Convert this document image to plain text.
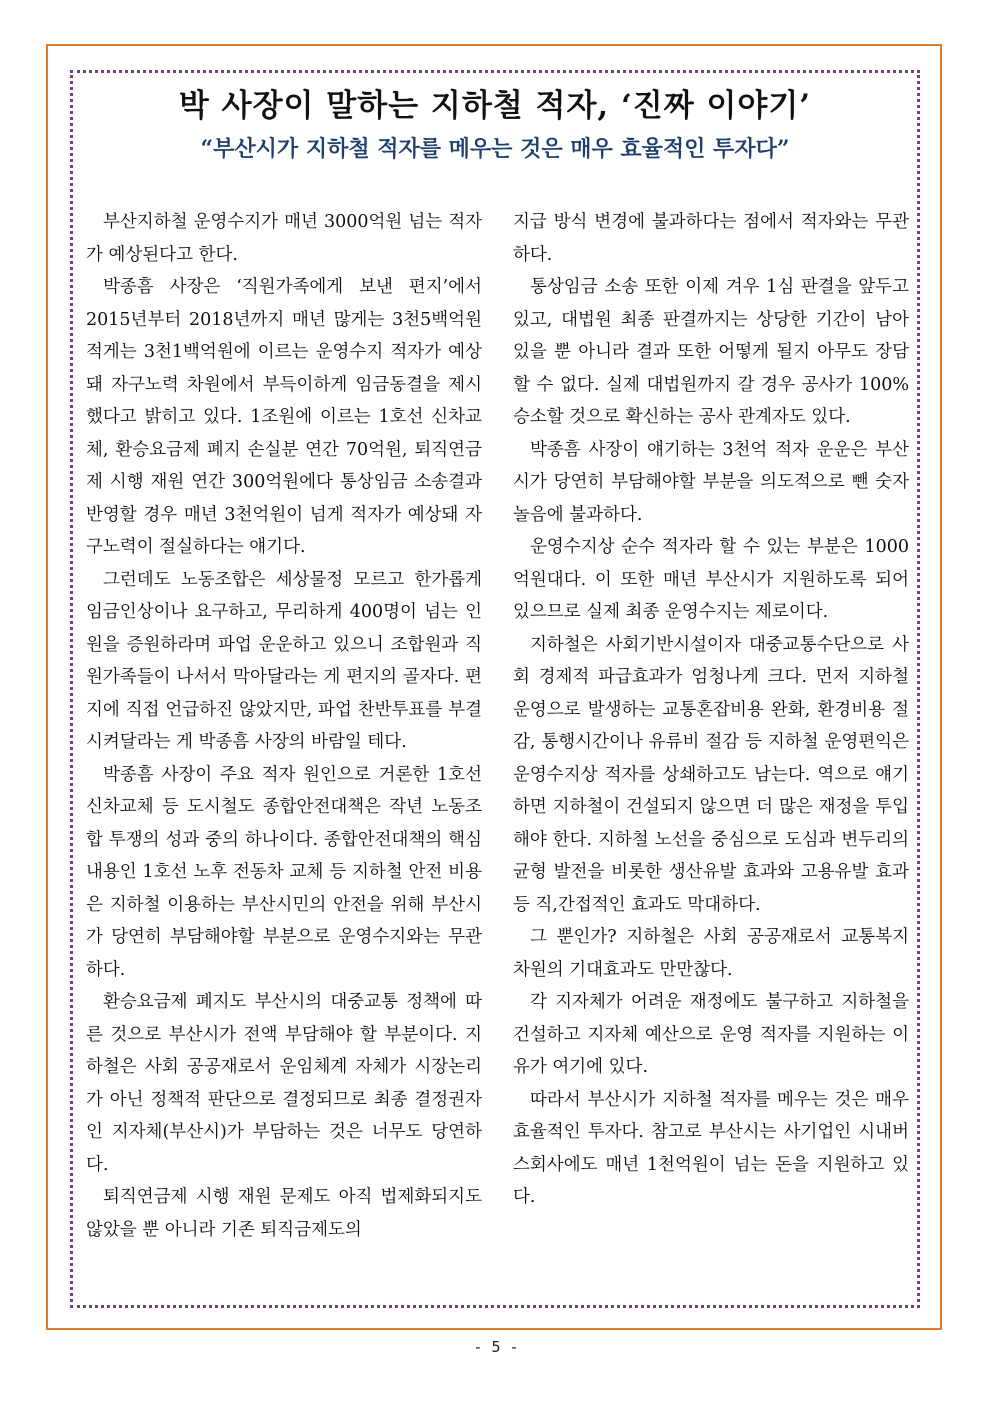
박 사장이 말하는 지하철 적자, ‘진짜 이야기’
“부산시가 지하철 적자를 메우는 것은 매우 효율적인 투자다”

부산지하철 운영수지가 매년 3000억원 넘는 적자가 예상된다고 한다.

박종흠 사장은 ‘직원가족에게 보낸 편지’에서 2015년부터 2018년까지 매년 많게는 3천5백억원 적게는 3천1백억원에 이르는 운영수지 적자가 예상돼 자구노력 차원에서 부득이하게 임금동결을 제시했다고 밝히고 있다. 1조원에 이르는 1호선 신차교체, 환승요금제 폐지 손실분 연간 70억원, 퇴직연금제 시행 재원 연간 300억원에다 통상임금 소송결과 반영할 경우 매년 3천억원이 넘게 적자가 예상돼 자구노력이 절실하다는 얘기다.

그런데도 노동조합은 세상물정 모르고 한가롭게 임금인상이나 요구하고, 무리하게 400명이 넘는 인원을 증원하라며 파업 운운하고 있으니 조합원과 직원가족들이 나서서 막아달라는 게 편지의 골자다. 편지에 직접 언급하진 않았지만, 파업 찬반투표를 부결시켜달라는 게 박종흠 사장의 바람일 테다.

박종흠 사장이 주요 적자 원인으로 거론한 1호선 신차교체 등 도시철도 종합안전대책은 작년 노동조합 투쟁의 성과 중의 하나이다. 종합안전대책의 핵심 내용인 1호선 노후 전동차 교체 등 지하철 안전 비용은 지하철 이용하는 부산시민의 안전을 위해 부산시가 당연히 부담해야할 부분으로 운영수지와는 무관하다.

환승요금제 폐지도 부산시의 대중교통 정책에 따른 것으로 부산시가 전액 부담해야 할 부분이다. 지하철은 사회 공공재로서 운임체계 자체가 시장논리가 아닌 정책적 판단으로 결정되므로 최종 결정권자인 지자체(부산시)가 부담하는 것은 너무도 당연하다.

퇴직연금제 시행 재원 문제도 아직 법제화되지도 않았을 뿐 아니라 기존 퇴직금제도의

지급 방식 변경에 불과하다는 점에서 적자와는 무관하다.

통상임금 소송 또한 이제 겨우 1심 판결을 앞두고 있고, 대법원 최종 판결까지는 상당한 기간이 남아 있을 뿐 아니라 결과 또한 어떻게 될지 아무도 장담할 수 없다. 실제 대법원까지 갈 경우 공사가 100% 승소할 것으로 확신하는 공사 관계자도 있다.

박종흠 사장이 얘기하는 3천억 적자 운운은 부산시가 당연히 부담해야할 부분을 의도적으로 뺀 숫자 놀음에 불과하다.

운영수지상 순수 적자라 할 수 있는 부분은 1000억원대다. 이 또한 매년 부산시가 지원하도록 되어 있으므로 실제 최종 운영수지는 제로이다.

지하철은 사회기반시설이자 대중교통수단으로 사회 경제적 파급효과가 엄청나게 크다. 먼저 지하철 운영으로 발생하는 교통혼잡비용 완화, 환경비용 절감, 통행시간이나 유류비 절감 등 지하철 운영편익은 운영수지상 적자를 상쇄하고도 남는다. 역으로 얘기하면 지하철이 건설되지 않으면 더 많은 재정을 투입해야 한다. 지하철 노선을 중심으로 도심과 변두리의 균형 발전을 비롯한 생산유발 효과와 고용유발 효과 등 직,간접적인 효과도 막대하다.

그 뿐인가? 지하철은 사회 공공재로서 교통복지 차원의 기대효과도 만만찮다.

각 지자체가 어려운 재정에도 불구하고 지하철을 건설하고 지자체 예산으로 운영 적자를 지원하는 이유가 여기에 있다.

따라서 부산시가 지하철 적자를 메우는 것은 매우 효율적인 투자다. 참고로 부산시는 사기업인 시내버스회사에도 매년 1천억원이 넘는 돈을 지원하고 있다.

- 5 -
